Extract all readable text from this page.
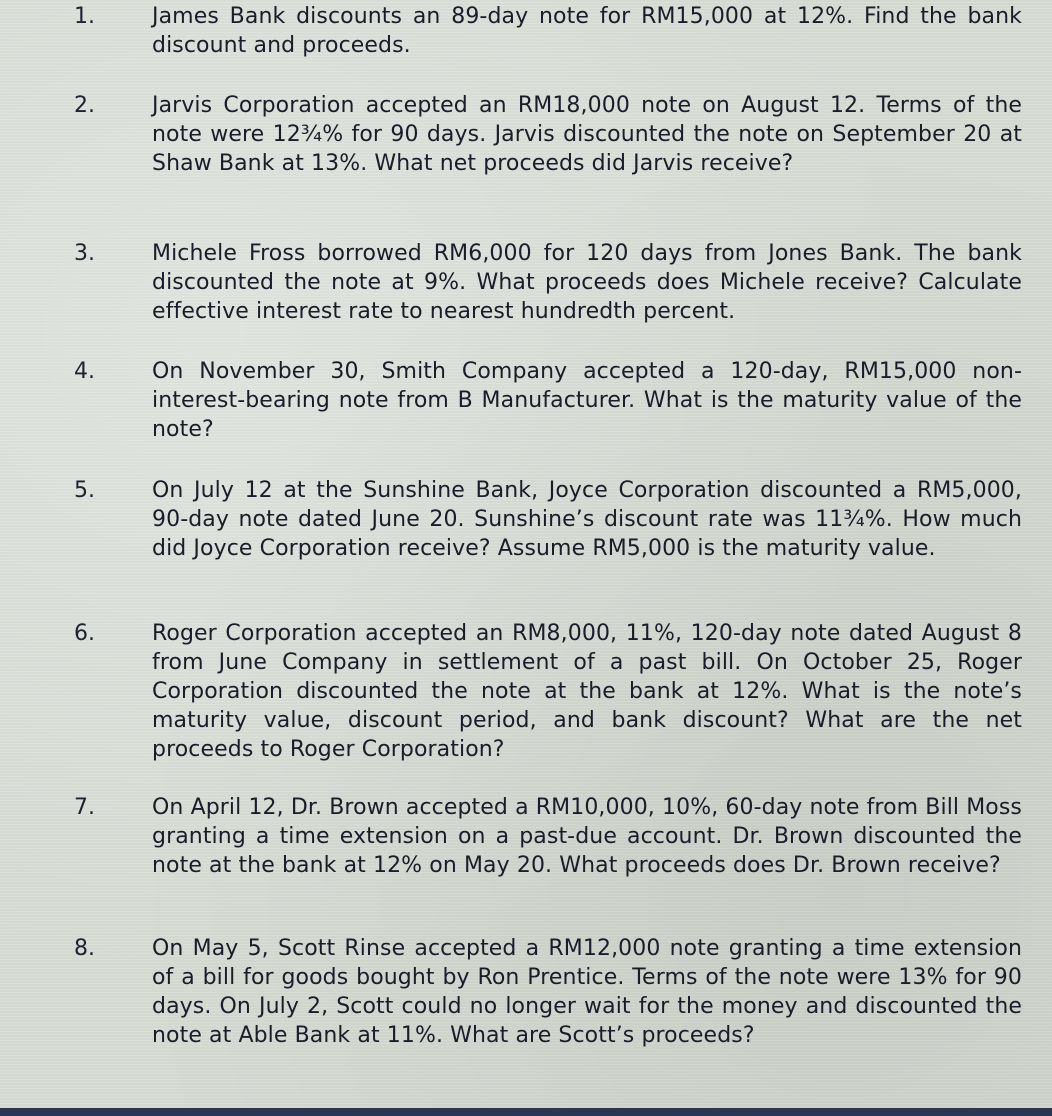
1.	James Bank discounts an 89-day note for RM15,000 at 12%. Find the bank discount and proceeds.
2.	Jarvis Corporation accepted an RM18,000 note on August 12. Terms of the note were 12¾% for 90 days. Jarvis discounted the note on September 20 at Shaw Bank at 13%. What net proceeds did Jarvis receive?
3.	Michele Fross borrowed RM6,000 for 120 days from Jones Bank. The bank discounted the note at 9%. What proceeds does Michele receive? Calculate effective interest rate to nearest hundredth percent.
4.	On November 30, Smith Company accepted a 120-day, RM15,000 non-interest-bearing note from B Manufacturer. What is the maturity value of the note?
5.	On July 12 at the Sunshine Bank, Joyce Corporation discounted a RM5,000, 90-day note dated June 20. Sunshine’s discount rate was 11¾%. How much did Joyce Corporation receive? Assume RM5,000 is the maturity value.
6.	Roger Corporation accepted an RM8,000, 11%, 120-day note dated August 8 from June Company in settlement of a past bill. On October 25, Roger Corporation discounted the note at the bank at 12%. What is the note’s maturity value, discount period, and bank discount? What are the net proceeds to Roger Corporation?
7.	On April 12, Dr. Brown accepted a RM10,000, 10%, 60-day note from Bill Moss granting a time extension on a past-due account. Dr. Brown discounted the note at the bank at 12% on May 20. What proceeds does Dr. Brown receive?
8.	On May 5, Scott Rinse accepted a RM12,000 note granting a time extension of a bill for goods bought by Ron Prentice. Terms of the note were 13% for 90 days. On July 2, Scott could no longer wait for the money and discounted the note at Able Bank at 11%. What are Scott’s proceeds?
